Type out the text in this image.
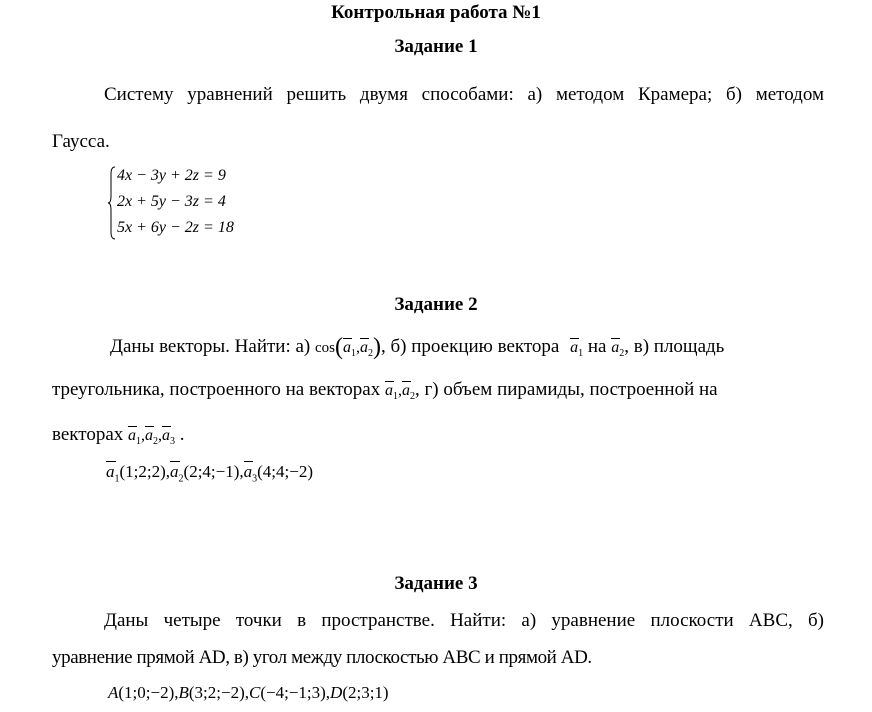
Контрольная работа №1
Задание 1
Систему уравнений решить двумя способами: а) методом Крамера; б) методом
Гаусса.
4x − 3y + 2z = 9
2x + 5y − 3z = 4
5x + 6y − 2z = 18
Задание 2
Даны векторы. Найти: а) $\cos(a_1,a_2)$, б) проекцию вектора $a_1$ на $a_2$, в) площадь
треугольника, построенного на векторах $a_1,a_2$, г) объем пирамиды, построенной на
векторах $a_1,a_2,a_3$ .
$a_1(1;2;2),a_2(2;4;-1),a_3(4;4;-2)$
Задание 3
Даны четыре точки в пространстве. Найти: а) уравнение плоскости ABC, б)
уравнение прямой AD, в) угол между плоскостью ABC и прямой AD.
A(1;0;−2),B(3;2;−2),C(−4;−1;3),D(2;3;1)
